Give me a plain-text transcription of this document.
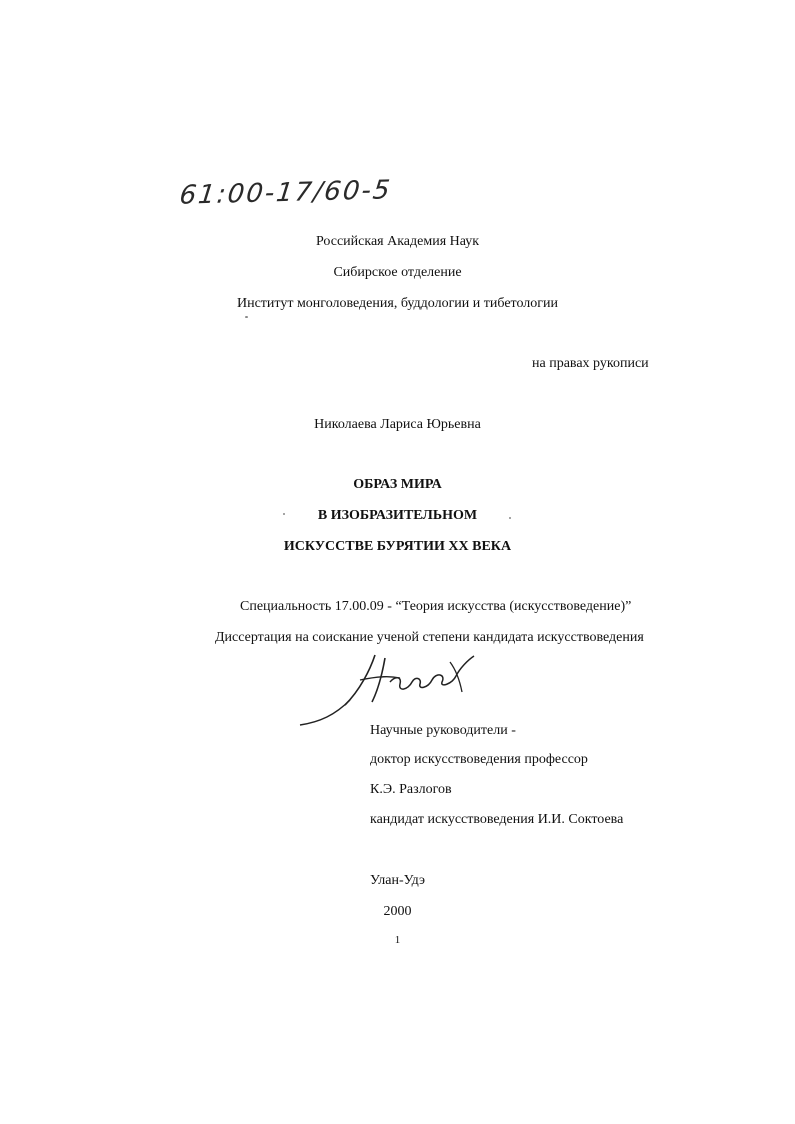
61:00-17/60-5
Российская Академия Наук
Сибирское отделение
Институт монголоведения, буддологии и тибетологии
на правах рукописи
Николаева Лариса Юрьевна
ОБРАЗ МИРА
В ИЗОБРАЗИТЕЛЬНОМ
ИСКУССТВЕ БУРЯТИИ XX ВЕКА
Специальность 17.00.09 - “Теория искусства (искусствоведение)”
Диссертация на соискание ученой степени кандидата искусствоведения
Научные руководители -
доктор искусствоведения профессор
К.Э. Разлогов
кандидат искусствоведения И.И. Соктоева
Улан-Удэ
2000
1
